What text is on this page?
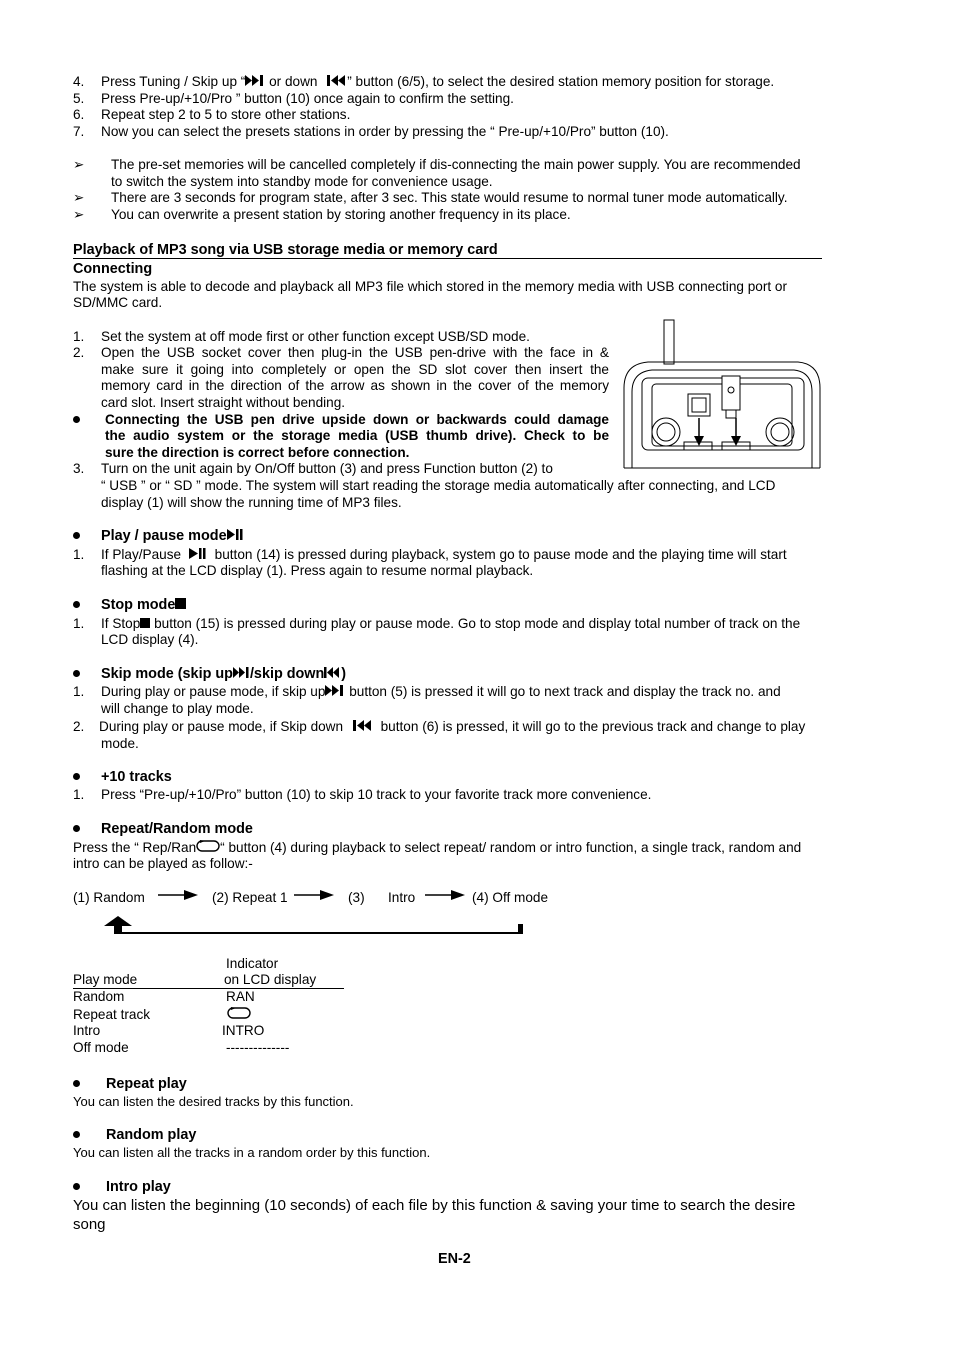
4. Press Tuning / Skip up “ or down ” button (6/5), to select the desired station memory position for storage.
5. Press Pre-up/+10/Pro ” button (10) once again to confirm the setting.
6. Repeat step 2 to 5 to store other stations.
7. Now you can select the presets stations in order by pressing the “ Pre-up/+10/Pro” button (10).
➢ The pre-set memories will be cancelled completely if dis-connecting the main power supply. You are recommended
to switch the system into standby mode for convenience usage.
➢ There are 3 seconds for program state, after 3 sec. This state would resume to normal tuner mode automatically.
➢ You can overwrite a present station by storing another frequency in its place.
Playback of MP3 song via USB storage media or memory card
Connecting
The system is able to decode and playback all MP3 file which stored in the memory media with USB connecting port or
SD/MMC card.
1. Set the system at off mode first or other function except USB/SD mode.
2. Open the USB socket cover then plug-in the USB pen-drive with the face in &
make sure it going into completely or open the SD slot cover then insert the
memory card in the direction of the arrow as shown in the cover of the memory
card slot. Insert straight without bending.
Connecting the USB pen drive upside down or backwards could damage
the audio system or the storage media (USB thumb drive). Check to be
sure the direction is correct before connection.
3. Turn on the unit again by On/Off button (3) and press Function button (2) to
“ USB ” or “ SD ” mode. The system will start reading the storage media automatically after connecting, and LCD
display (1) will show the running time of MP3 files.
Play / pause mode
1. If Play/Pause  button (14) is pressed during playback, system go to pause mode and the playing time will start
flashing at the LCD display (1). Press again to resume normal playback.
Stop mode
1. If Stop button (15) is pressed during play or pause mode. Go to stop mode and display total number of track on the
LCD display (4).
Skip mode (skip up /skip down )
1. During play or pause mode, if skip up button (5) is pressed it will go to next track and display the track no. and
will change to play mode.
2. During play or pause mode, if Skip down  button (6) is pressed, it will go to the previous track and change to play
mode.
+10 tracks
1. Press “Pre-up/+10/Pro” button (10) to skip 10 track to your favorite track more convenience.
Repeat/Random mode
Press the “ Rep/Ran “ button (4) during playback to select repeat/ random or intro function, a single track, random and
intro can be played as follow:-
(1) Random	(2) Repeat 1	(3) Intro	(4) Off mode
Indicator
Play mode	on LCD display
Random	RAN
Repeat track
Intro	INTRO
Off mode	--------------
Repeat play
You can listen the desired tracks by this function.
Random play
You can listen all the tracks in a random order by this function.
Intro play
You can listen the beginning (10 seconds) of each file by this function & saving your time to search the desire
song
EN-2
